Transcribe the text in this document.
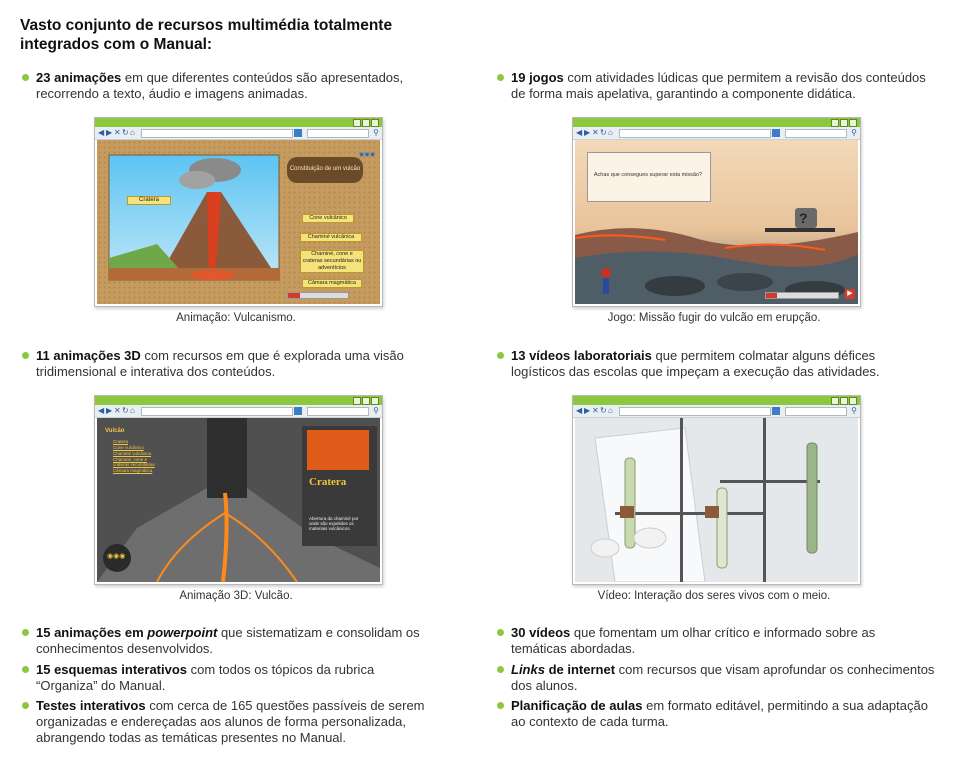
Vasto conjunto de recursos multimédia totalmente
integrados com o Manual:

23 animações em que diferentes conteúdos são apresentados, recorrendo a texto, áudio e imagens animadas.

19 jogos com atividades lúdicas que permitem a revisão dos conteúdos de forma mais apelativa, garantindo a componente didática.

◀ ▶ ✕ ↻ ⌂	⚲
Cratera
Constituição de um vulcão
●●●
Cone vulcânico
Chaminé vulcânica
Chaminé, cone e crateras secundárias ou adventícios
Câmara magmática
◀ ▶ ✕ ↻ ⌂	⚲
Achas que consegues superar esta missão?
?
▶
Animação: Vulcanismo.	Jogo: Missão fugir do vulcão em erupção.

11 animações 3D com recursos em que é explorada uma visão tridimensional e interativa dos conteúdos.

13 vídeos laboratoriais que permitem colmatar alguns défices logísticos das escolas que impeçam a execução das atividades.

◀ ▶ ✕ ↻ ⌂	⚲
Vulcão
Cratera
Cone vulcânico
Chaminé vulcânica
Chaminé, cone e crateras secundárias
Câmara magmática
Cratera
Abertura da chaminé por onde são expelidos os materiais vulcânicos.
◉◉◉
◀ ▶ ✕ ↻ ⌂	⚲
Animação 3D: Vulcão.	Vídeo: Interação dos seres vivos com o meio.

15 animações em powerpoint que sistematizam e consolidam os conhecimentos desenvolvidos.

15 esquemas interativos com todos os tópicos da rubrica “Organiza” do Manual.

Testes interativos com cerca de 165 questões passíveis de serem organizadas e endereçadas aos alunos de forma personalizada, abrangendo todas as temáticas presentes no Manual.

30 vídeos que fomentam um olhar crítico e informado sobre as temáticas abordadas.

Links de internet com recursos que visam aprofundar os conhecimentos dos alunos.

Planificação de aulas em formato editável, permitindo a sua adaptação ao contexto de cada turma.
